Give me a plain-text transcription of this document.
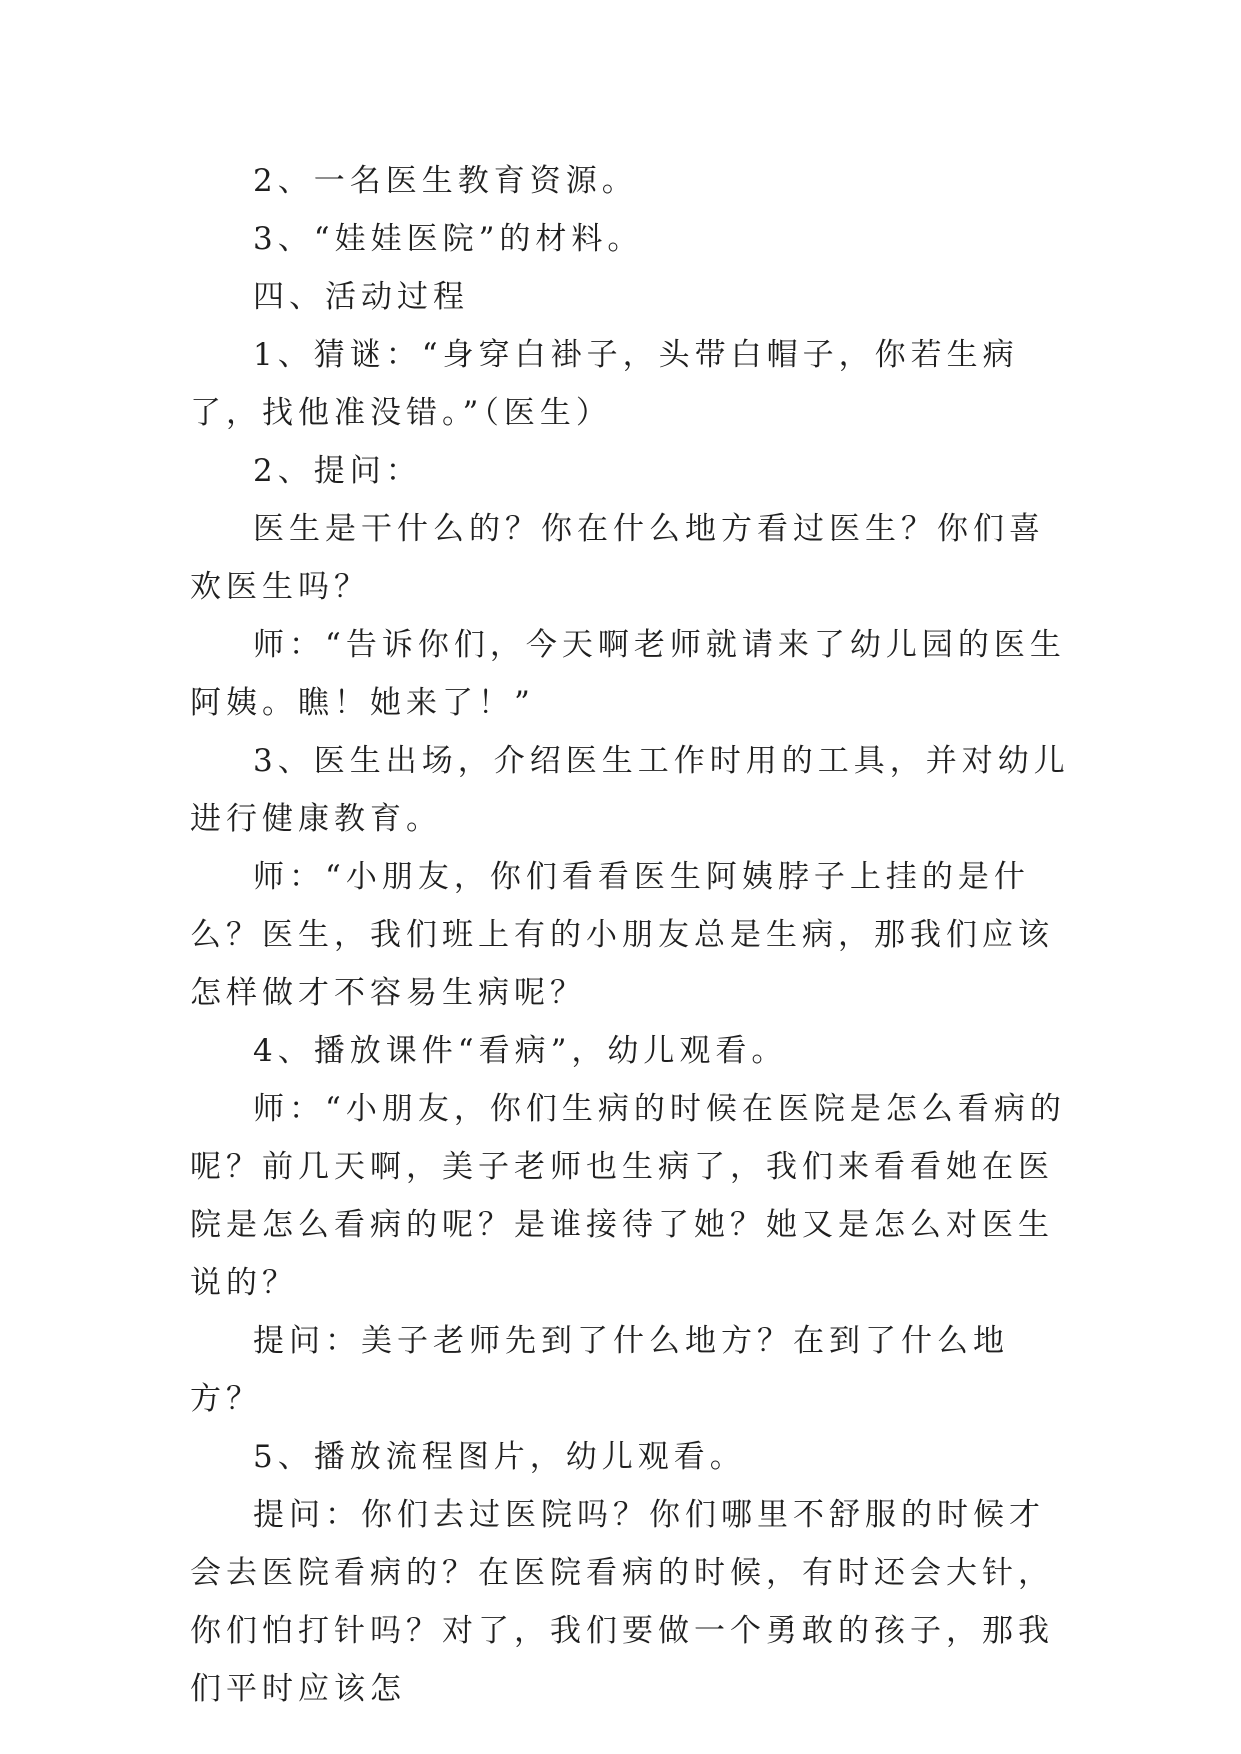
2、一名医生教育资源。

3、“娃娃医院”的材料。

四、活动过程

1、猜谜：“身穿白褂子，头带白帽子，你若生病了，找他准没错。”（医生）

2、提问：

医生是干什么的？你在什么地方看过医生？你们喜欢医生吗？

师：“告诉你们，今天啊老师就请来了幼儿园的医生阿姨。瞧！她来了！”

3、医生出场，介绍医生工作时用的工具，并对幼儿进行健康教育。

师：“小朋友，你们看看医生阿姨脖子上挂的是什么？医生，我们班上有的小朋友总是生病，那我们应该怎样做才不容易生病呢？

4、播放课件“看病”，幼儿观看。

师：“小朋友，你们生病的时候在医院是怎么看病的呢？前几天啊，美子老师也生病了，我们来看看她在医院是怎么看病的呢？是谁接待了她？她又是怎么对医生说的？

提问：美子老师先到了什么地方？在到了什么地方？

5、播放流程图片，幼儿观看。

提问：你们去过医院吗？你们哪里不舒服的时候才会去医院看病的？在医院看病的时候，有时还会大针，你们怕打针吗？对了，我们要做一个勇敢的孩子，那我们平时应该怎
